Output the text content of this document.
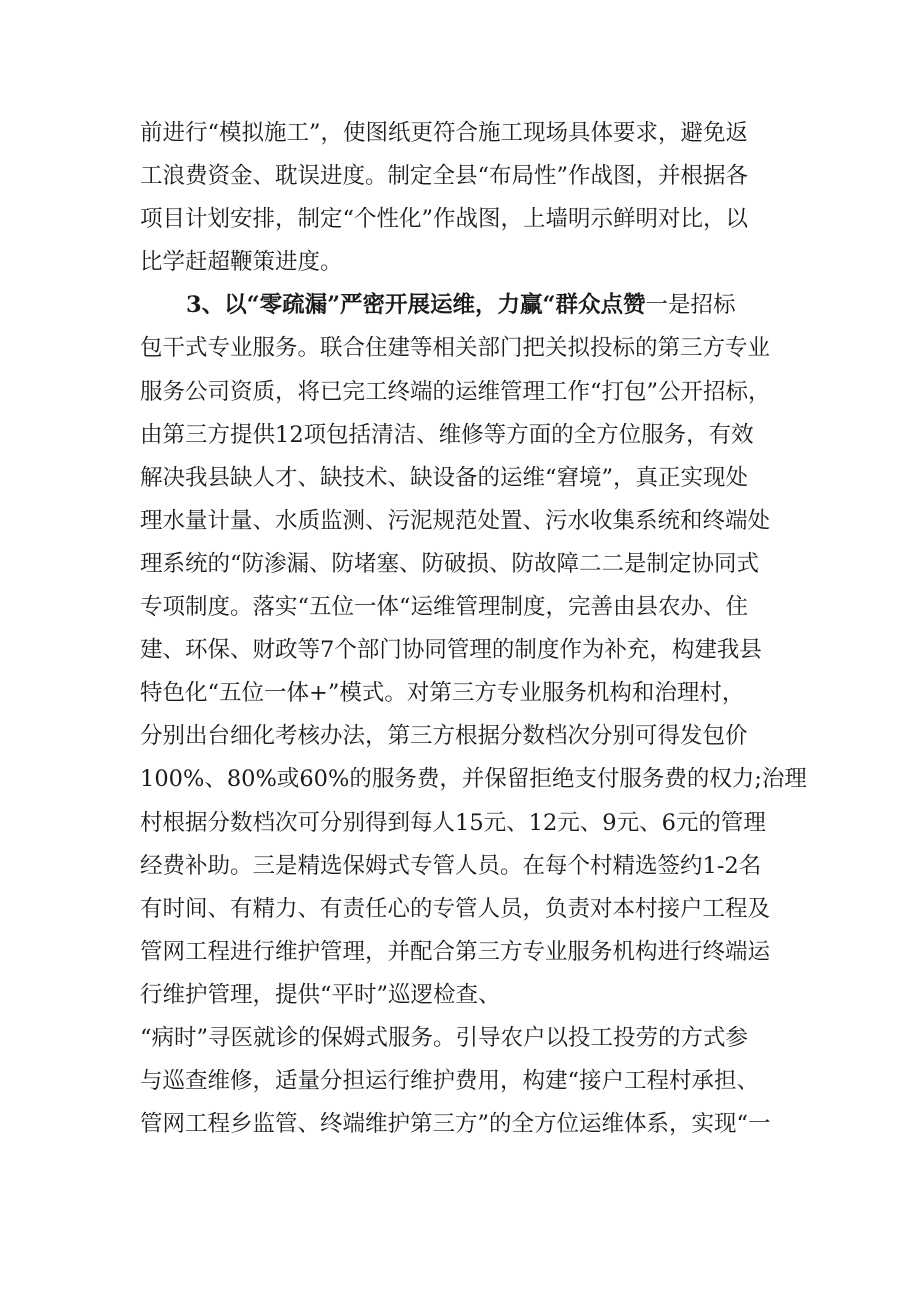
前进行“模拟施工”，使图纸更符合施工现场具体要求，避免返
工浪费资金、耽误进度。制定全县“布局性”作战图，并根据各
项目计划安排，制定“个性化”作战图，上墙明示鲜明对比，以
比学赶超鞭策进度。
3、以“零疏漏”严密开展运维，力赢“群众点赞一是招标
包干式专业服务。联合住建等相关部门把关拟投标的第三方专业
服务公司资质，将已完工终端的运维管理工作“打包”公开招标，
由第三方提供12项包括清洁、维修等方面的全方位服务，有效
解决我县缺人才、缺技术、缺设备的运维“窘境”，真正实现处
理水量计量、水质监测、污泥规范处置、污水收集系统和终端处
理系统的“防渗漏、防堵塞、防破损、防故障二二是制定协同式
专项制度。落实“五位一体“运维管理制度，完善由县农办、住
建、环保、财政等7个部门协同管理的制度作为补充，构建我县
特色化“五位一体+”模式。对第三方专业服务机构和治理村，
分别出台细化考核办法，第三方根据分数档次分别可得发包价
100%、80%或60%的服务费，并保留拒绝支付服务费的权力;治理
村根据分数档次可分别得到每人15元、12元、9元、6元的管理
经费补助。三是精选保姆式专管人员。在每个村精选签约1-2名
有时间、有精力、有责任心的专管人员，负责对本村接户工程及
管网工程进行维护管理，并配合第三方专业服务机构进行终端运
行维护管理，提供“平时”巡逻检查、
“病时”寻医就诊的保姆式服务。引导农户以投工投劳的方式参
与巡查维修，适量分担运行维护费用，构建“接户工程村承担、
管网工程乡监管、终端维护第三方”的全方位运维体系，实现“一
